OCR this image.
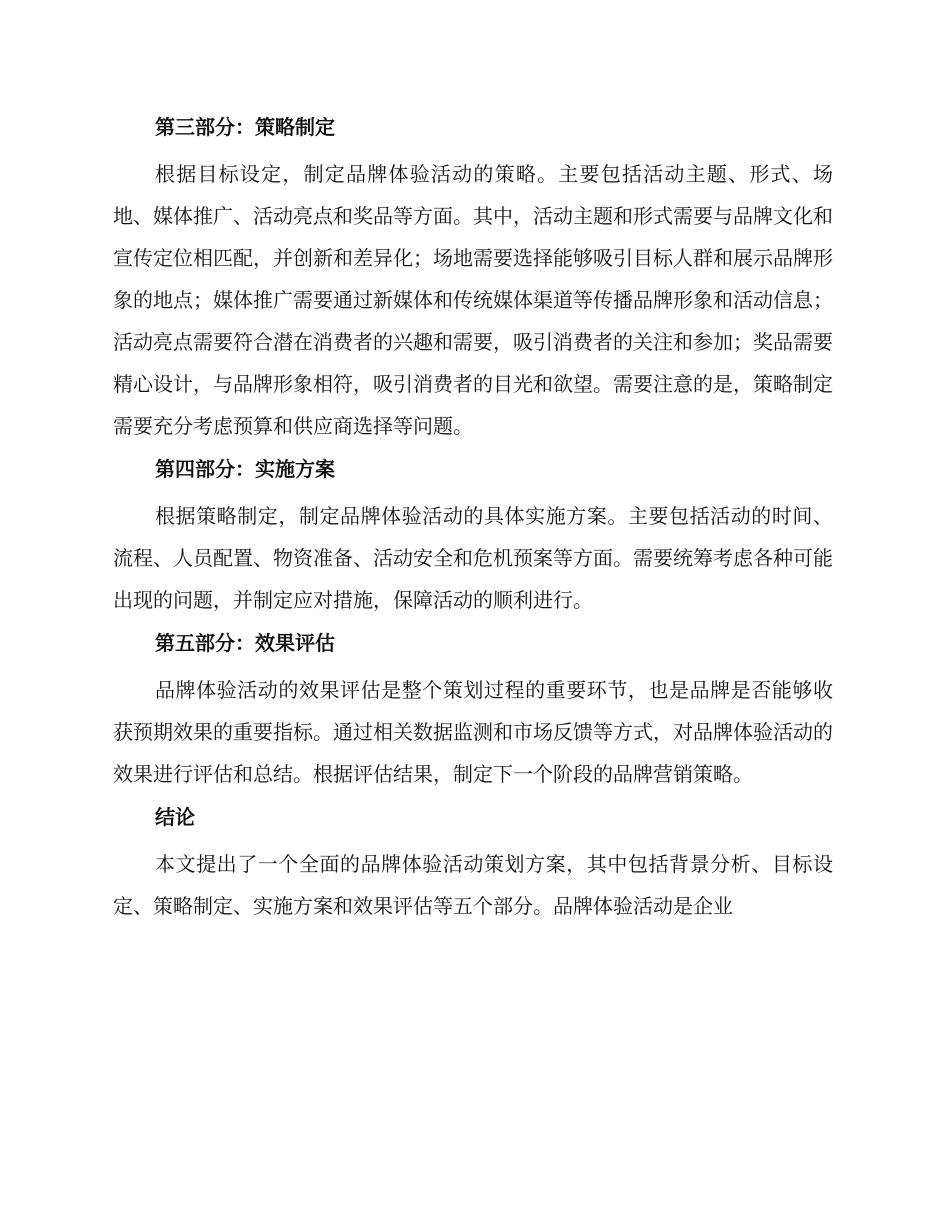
第三部分：策略制定

根据目标设定，制定品牌体验活动的策略。主要包括活动主题、形式、场地、媒体推广、活动亮点和奖品等方面。其中，活动主题和形式需要与品牌文化和宣传定位相匹配，并创新和差异化；场地需要选择能够吸引目标人群和展示品牌形象的地点；媒体推广需要通过新媒体和传统媒体渠道等传播品牌形象和活动信息；活动亮点需要符合潜在消费者的兴趣和需要，吸引消费者的关注和参加；奖品需要精心设计，与品牌形象相符，吸引消费者的目光和欲望。需要注意的是，策略制定需要充分考虑预算和供应商选择等问题。

第四部分：实施方案

根据策略制定，制定品牌体验活动的具体实施方案。主要包括活动的时间、流程、人员配置、物资准备、活动安全和危机预案等方面。需要统筹考虑各种可能出现的问题，并制定应对措施，保障活动的顺利进行。

第五部分：效果评估

品牌体验活动的效果评估是整个策划过程的重要环节，也是品牌是否能够收获预期效果的重要指标。通过相关数据监测和市场反馈等方式，对品牌体验活动的效果进行评估和总结。根据评估结果，制定下一个阶段的品牌营销策略。

结论

本文提出了一个全面的品牌体验活动策划方案，其中包括背景分析、目标设定、策略制定、实施方案和效果评估等五个部分。品牌体验活动是企业
